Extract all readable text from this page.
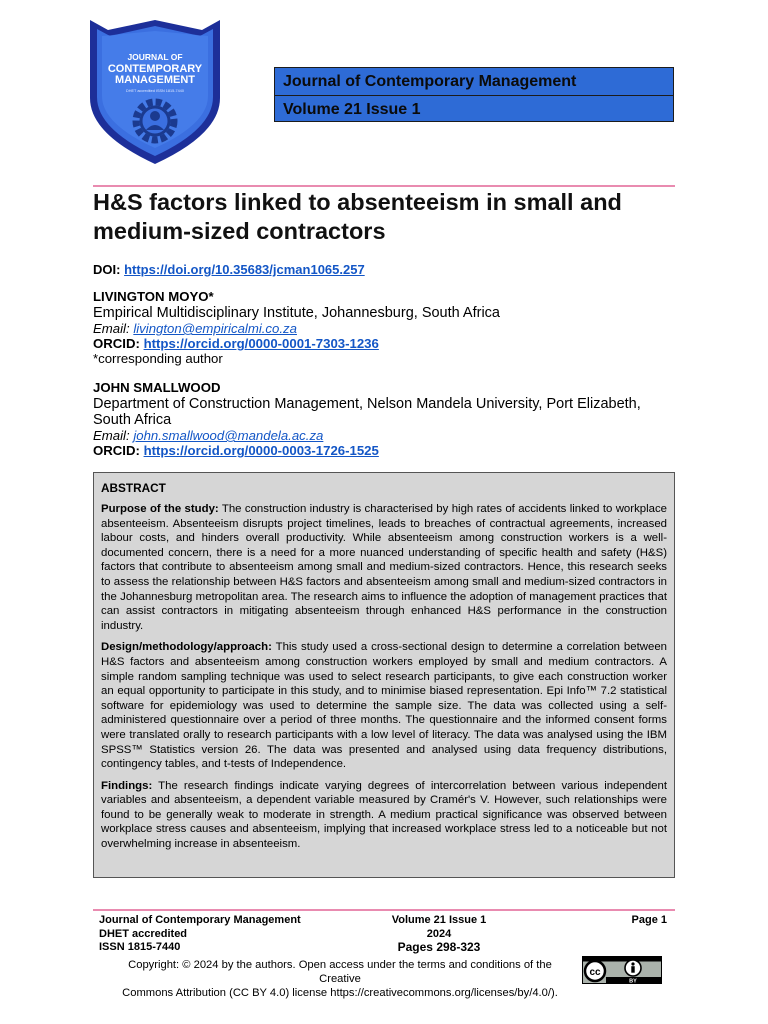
JOURNAL OF
CONTEMPORARY
MANAGEMENT
DHET accredited ISSN 1815-7440
Journal of Contemporary Management
Volume 21 Issue 1
H&S factors linked to absenteeism in small and
medium-sized contractors
DOI: https://doi.org/10.35683/jcman1065.257
LIVINGTON MOYO*
Empirical Multidisciplinary Institute, Johannesburg, South Africa
Email: livington@empiricalmi.co.za
ORCID: https://orcid.org/0000-0001-7303-1236
*corresponding author
JOHN SMALLWOOD
Department of Construction Management, Nelson Mandela University, Port Elizabeth,
South Africa
Email: john.smallwood@mandela.ac.za
ORCID: https://orcid.org/0000-0003-1726-1525
ABSTRACT

Purpose of the study: The construction industry is characterised by high rates of accidents linked to workplace absenteeism. Absenteeism disrupts project timelines, leads to breaches of contractual agreements, increased labour costs, and hinders overall productivity. While absenteeism among construction workers is a well-documented concern, there is a need for a more nuanced understanding of specific health and safety (H&S) factors that contribute to absenteeism among small and medium-sized contractors. Hence, this research seeks to assess the relationship between H&S factors and absenteeism among small and medium-sized contractors in the Johannesburg metropolitan area. The research aims to influence the adoption of management practices that can assist contractors in mitigating absenteeism through enhanced H&S performance in the construction industry.

Design/methodology/approach: This study used a cross-sectional design to determine a correlation between H&S factors and absenteeism among construction workers employed by small and medium contractors. A simple random sampling technique was used to select research participants, to give each construction worker an equal opportunity to participate in this study, and to minimise biased representation. Epi Info™ 7.2 statistical software for epidemiology was used to determine the sample size. The data was collected using a self-administered questionnaire over a period of three months. The questionnaire and the informed consent forms were translated orally to research participants with a low level of literacy. The data was analysed using the IBM SPSS™ Statistics version 26. The data was presented and analysed using data frequency distributions, contingency tables, and t-tests of Independence.

Findings: The research findings indicate varying degrees of intercorrelation between various independent variables and absenteeism, a dependent variable measured by Cramér's V. However, such relationships were found to be generally weak to moderate in strength. A medium practical significance was observed between workplace stress causes and absenteeism, implying that increased workplace stress led to a noticeable but not overwhelming increase in absenteeism.

Journal of Contemporary Management
DHET accredited
ISSN 1815-7440
Volume 21 Issue 1
2024
Pages 298-323
Page 1
Copyright: © 2024 by the authors. Open access under the terms and conditions of the Creative
Commons Attribution (CC BY 4.0) license https://creativecommons.org/licenses/by/4.0/).
cc
BY
